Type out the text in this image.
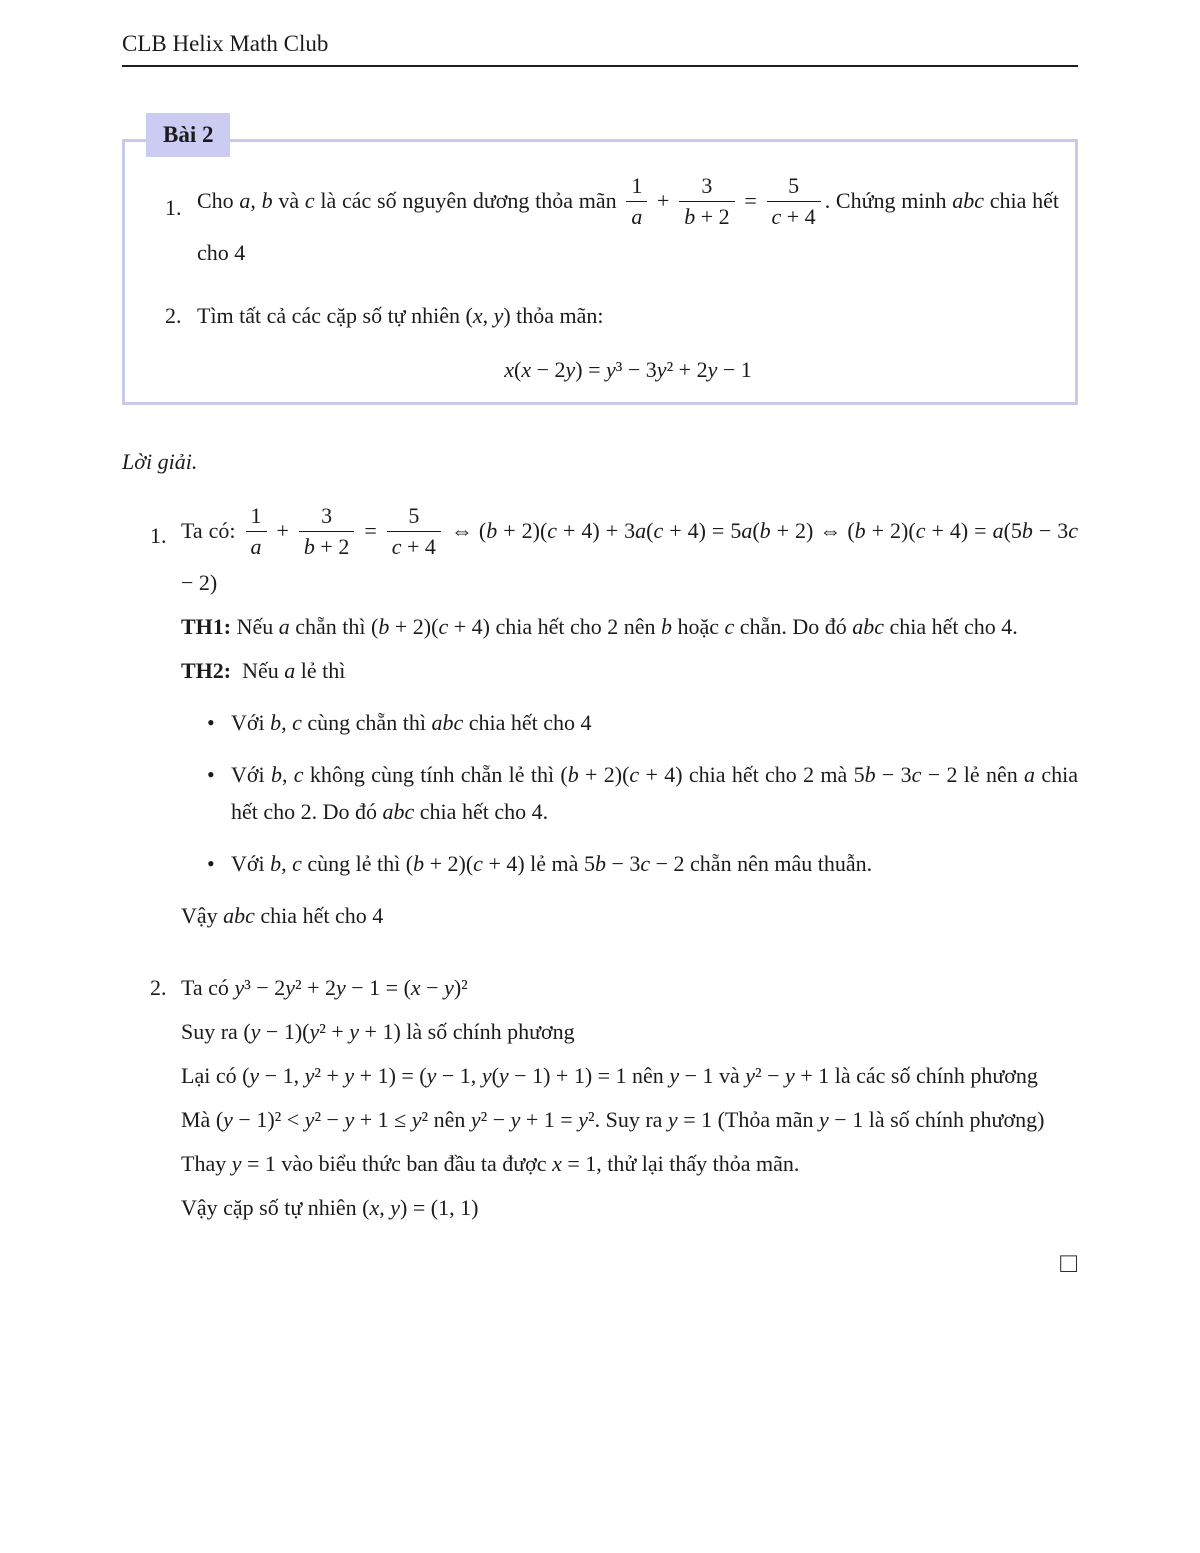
CLB Helix Math Club
Bài 2
1. Cho a, b và c là các số nguyên dương thỏa mãn $\frac{1}{a} + \frac{3}{b + 2} = \frac{5}{c + 4}$ . Chứng minh abc chia hết cho 4
2. Tìm tất cả các cặp số tự nhiên (x, y) thỏa mãn:
x(x − 2y) = y³ − 3y² + 2y − 1

Lời giải.

1. Ta có: $\frac{1}{a} + \frac{3}{b + 2} = \frac{5}{c + 4}$ ⇔ (b + 2)(c + 4) + 3a(c + 4) = 5a(b + 2) ⇔ (b + 2)(c + 4) = a(5b − 3c − 2)

TH1: Nếu a chẵn thì (b + 2)(c + 4) chia hết cho 2 nên b hoặc c chẵn. Do đó abc chia hết cho 4.

TH2:  Nếu a lẻ thì

• Với b, c cùng chẵn thì abc chia hết cho 4
• Với b, c không cùng tính chẵn lẻ thì (b + 2)(c + 4) chia hết cho 2 mà 5b − 3c − 2 lẻ nên a chia hết cho 2. Do đó abc chia hết cho 4.
• Với b, c cùng lẻ thì (b + 2)(c + 4) lẻ mà 5b − 3c − 2 chẵn nên mâu thuẫn.

Vậy abc chia hết cho 4

2. Ta có y³ − 2y² + 2y − 1 = (x − y)²

Suy ra (y − 1)(y² + y + 1) là số chính phương

Lại có (y − 1, y² + y + 1) = (y − 1, y(y − 1) + 1) = 1 nên y − 1 và y² − y + 1 là các số chính phương

Mà (y − 1)² < y² − y + 1 ≤ y² nên y² − y + 1 = y². Suy ra y = 1 (Thỏa mãn y − 1 là số chính phương)

Thay y = 1 vào biểu thức ban đầu ta được x = 1, thử lại thấy thỏa mãn.

Vậy cặp số tự nhiên (x, y) = (1, 1)

□
